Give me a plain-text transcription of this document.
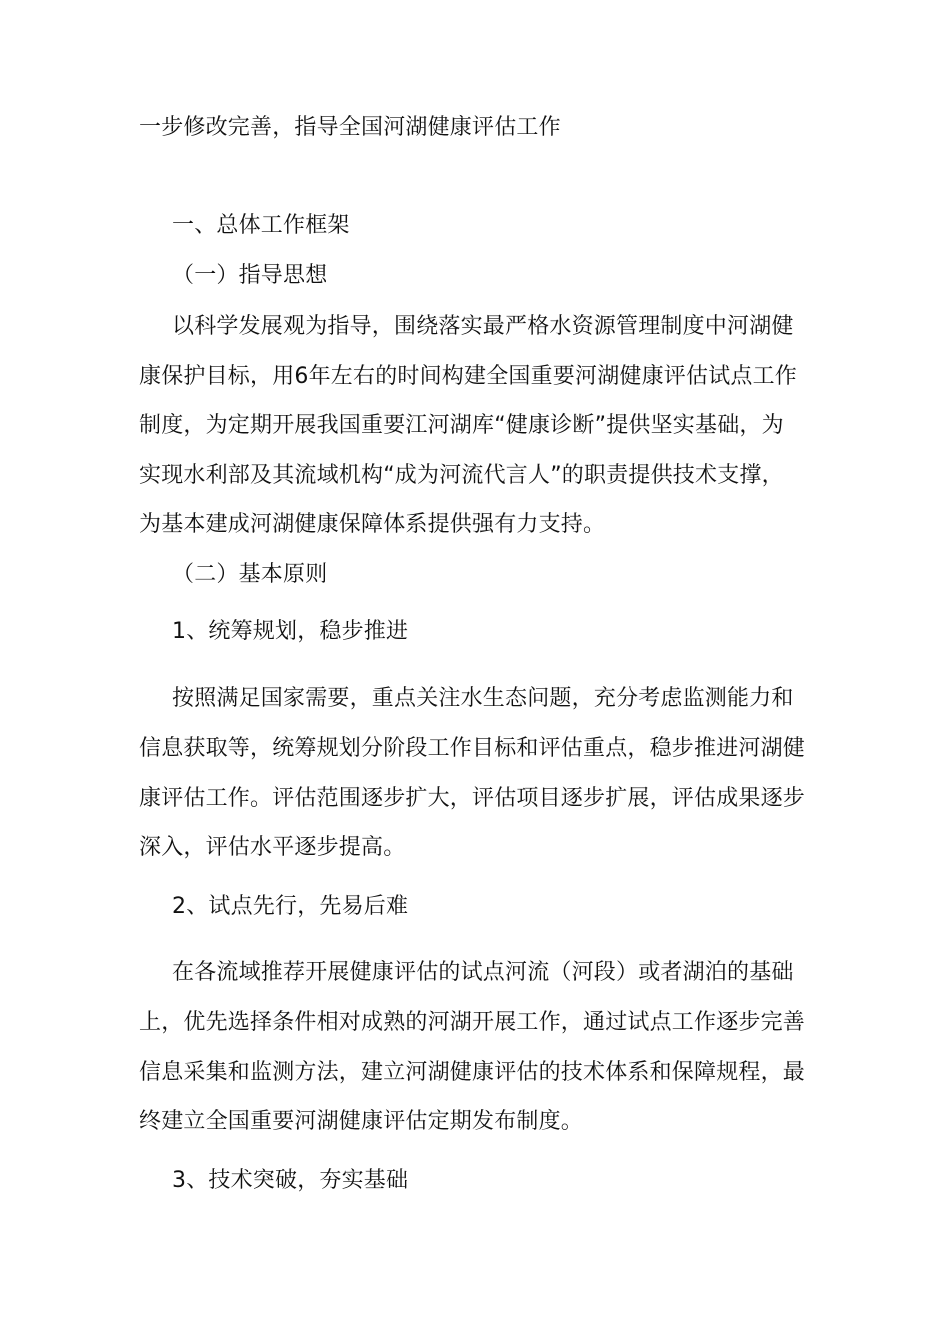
一步修改完善，指导全国河湖健康评估工作
一、总体工作框架
（一）指导思想
以科学发展观为指导，围绕落实最严格水资源管理制度中河湖健
康保护目标，用6年左右的时间构建全国重要河湖健康评估试点工作
制度，为定期开展我国重要江河湖库“健康诊断”提供坚实基础，为
实现水利部及其流域机构“成为河流代言人”的职责提供技术支撑，
为基本建成河湖健康保障体系提供强有力支持。
（二）基本原则
1、统筹规划，稳步推进
按照满足国家需要，重点关注水生态问题，充分考虑监测能力和
信息获取等，统筹规划分阶段工作目标和评估重点，稳步推进河湖健
康评估工作。评估范围逐步扩大，评估项目逐步扩展，评估成果逐步
深入，评估水平逐步提高。
2、试点先行，先易后难
在各流域推荐开展健康评估的试点河流（河段）或者湖泊的基础
上，优先选择条件相对成熟的河湖开展工作，通过试点工作逐步完善
信息采集和监测方法，建立河湖健康评估的技术体系和保障规程，最
终建立全国重要河湖健康评估定期发布制度。
3、技术突破，夯实基础
